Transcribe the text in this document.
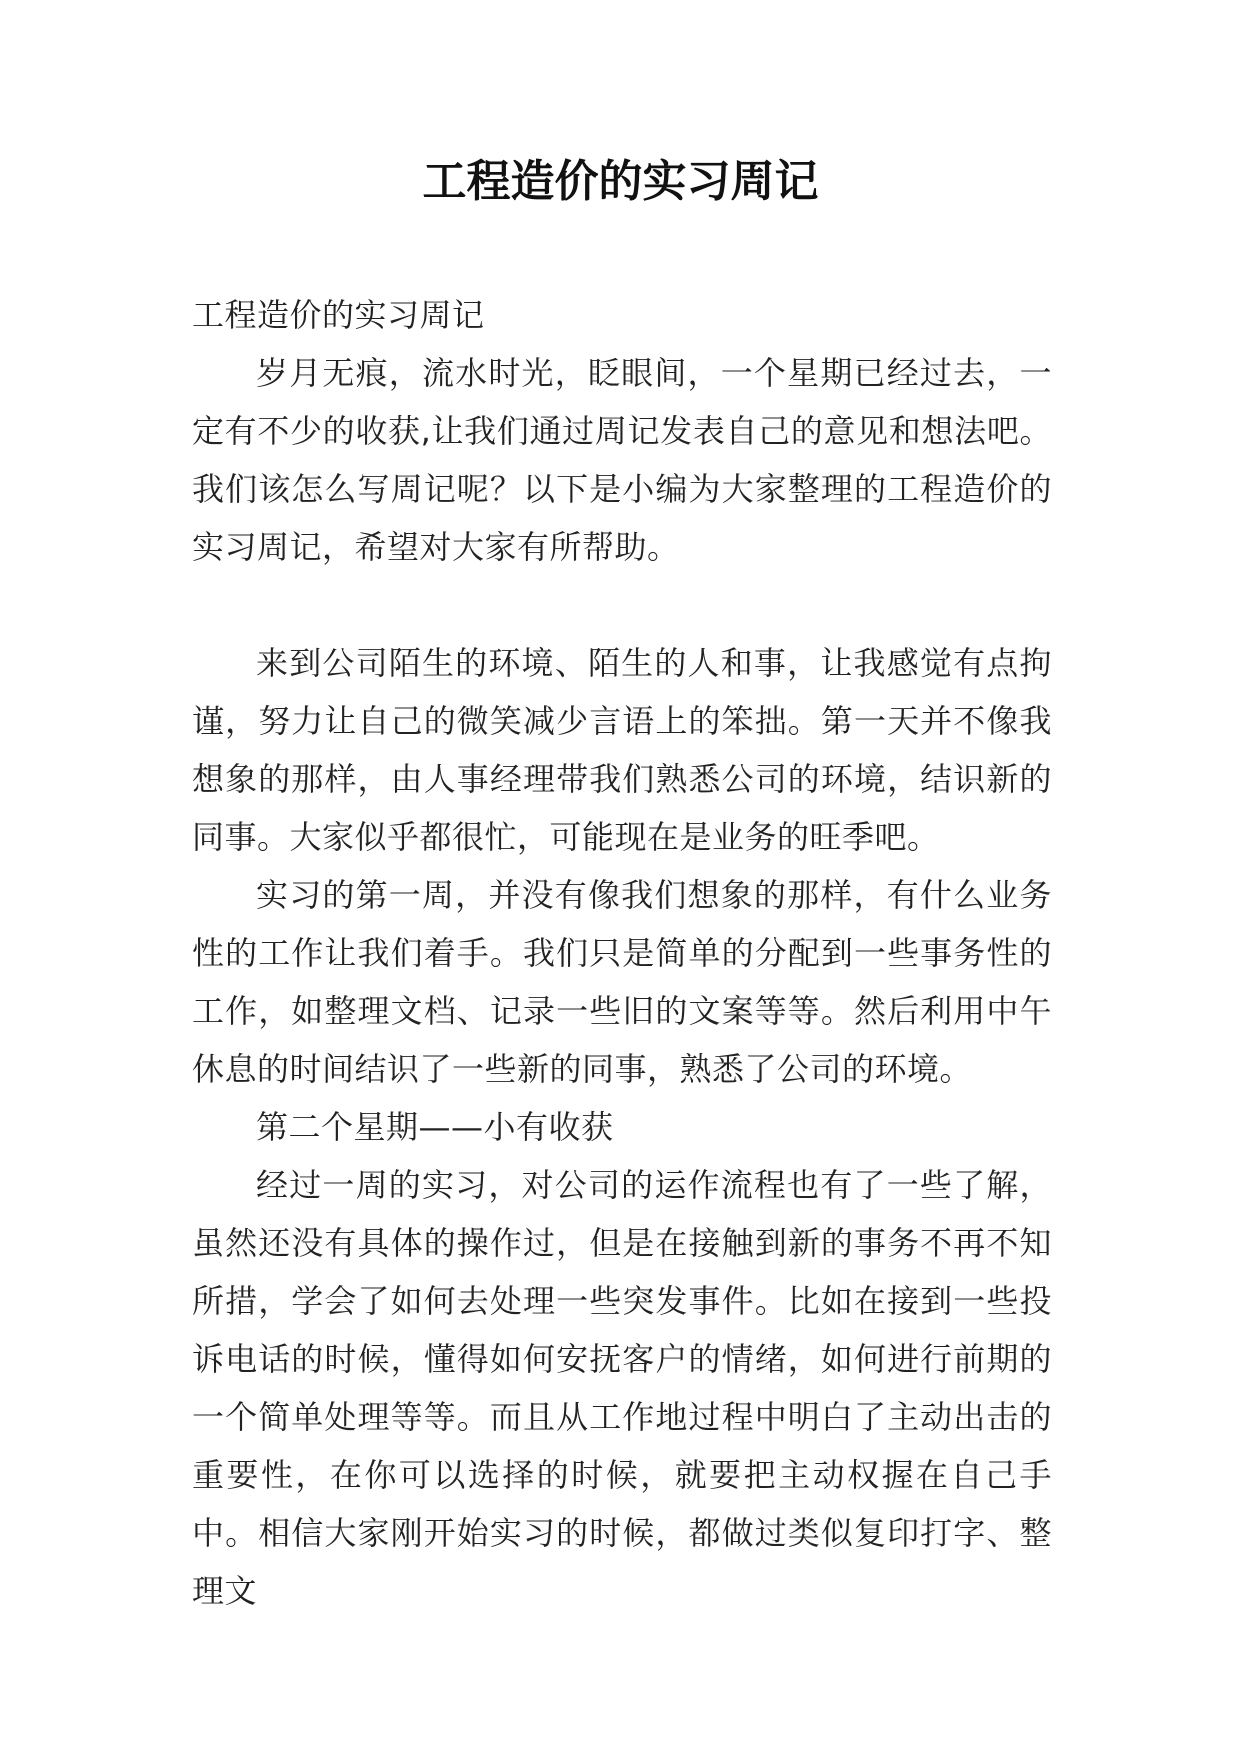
工程造价的实习周记

工程造价的实习周记

岁月无痕，流水时光，眨眼间，一个星期已经过去，一定有不少的收获,让我们通过周记发表自己的意见和想法吧。我们该怎么写周记呢？以下是小编为大家整理的工程造价的实习周记，希望对大家有所帮助。

来到公司陌生的环境、陌生的人和事，让我感觉有点拘谨，努力让自己的微笑减少言语上的笨拙。第一天并不像我想象的那样，由人事经理带我们熟悉公司的环境，结识新的同事。大家似乎都很忙，可能现在是业务的旺季吧。

实习的第一周，并没有像我们想象的那样，有什么业务性的工作让我们着手。我们只是简单的分配到一些事务性的工作，如整理文档、记录一些旧的文案等等。然后利用中午休息的时间结识了一些新的同事，熟悉了公司的环境。

第二个星期——小有收获

经过一周的实习，对公司的运作流程也有了一些了解，虽然还没有具体的操作过，但是在接触到新的事务不再不知所措，学会了如何去处理一些突发事件。比如在接到一些投诉电话的时候，懂得如何安抚客户的情绪，如何进行前期的一个简单处理等等。而且从工作地过程中明白了主动出击的重要性，在你可以选择的时候，就要把主动权握在自己手中。相信大家刚开始实习的时候，都做过类似复印打字、整理文
